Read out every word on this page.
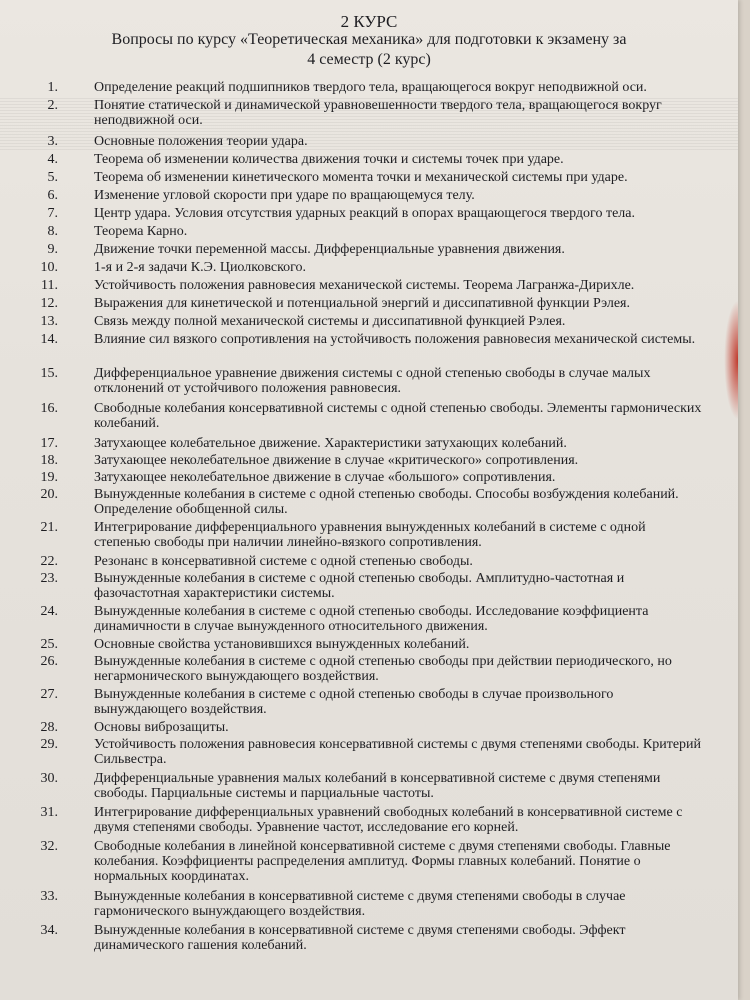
2 КУРС
Вопросы по курсу «Теоретическая механика» для подготовки к экзамену за
4 семестр (2 курс)
1.	Определение реакций подшипников твердого тела, вращающегося вокруг неподвижной оси.
2.	Понятие статической и динамической уравновешенности твердого тела, вращающегося вокруг неподвижной оси.
3.	Основные положения теории удара.
4.	Теорема об изменении количества движения точки и системы точек при ударе.
5.	Теорема об изменении кинетического момента точки и механической системы при ударе.
6.	Изменение угловой скорости при ударе по вращающемуся телу.
7.	Центр удара. Условия отсутствия ударных реакций в опорах вращающегося твердого тела.
8.	Теорема Карно.
9.	Движение точки переменной массы. Дифференциальные уравнения движения.
10.	1-я и 2-я задачи К.Э. Циолковского.
11.	Устойчивость положения равновесия механической системы. Теорема Лагранжа-Дирихле.
12.	Выражения для кинетической и потенциальной энергий и диссипативной функции Рэлея.
13.	Связь между полной механической системы и диссипативной функцией Рэлея.
14.	Влияние сил вязкого сопротивления на устойчивость положения равновесия механической системы.
15.	Дифференциальное уравнение движения системы с одной степенью свободы в случае малых отклонений от устойчивого положения равновесия.
16.	Свободные колебания консервативной системы с одной степенью свободы. Элементы гармонических колебаний.
17.	Затухающее колебательное движение. Характеристики затухающих колебаний.
18.	Затухающее неколебательное движение в случае «критического» сопротивления.
19.	Затухающее неколебательное движение в случае «большого» сопротивления.
20.	Вынужденные колебания в системе с одной степенью свободы. Способы возбуждения колебаний. Определение обобщенной силы.
21.	Интегрирование дифференциального уравнения вынужденных колебаний в системе с одной степенью свободы при наличии линейно-вязкого сопротивления.
22.	Резонанс в консервативной системе с одной степенью свободы.
23.	Вынужденные колебания в системе с одной степенью свободы. Амплитудно-частотная и фазочастотная характеристики системы.
24.	Вынужденные колебания в системе с одной степенью свободы. Исследование коэффициента динамичности в случае вынужденного относительного движения.
25.	Основные свойства установившихся вынужденных колебаний.
26.	Вынужденные колебания в системе с одной степенью свободы при действии периодического, но негармонического вынуждающего воздействия.
27.	Вынужденные колебания в системе с одной степенью свободы в случае произвольного вынуждающего воздействия.
28.	Основы виброзащиты.
29.	Устойчивость положения равновесия консервативной системы с двумя степенями свободы. Критерий Сильвестра.
30.	Дифференциальные уравнения малых колебаний в консервативной системе с двумя степенями свободы. Парциальные системы и парциальные частоты.
31.	Интегрирование дифференциальных уравнений свободных колебаний в консервативной системе с двумя степенями свободы. Уравнение частот, исследование его корней.
32.	Свободные колебания в линейной консервативной системе с двумя степенями свободы. Главные колебания. Коэффициенты распределения амплитуд. Формы главных колебаний. Понятие о нормальных координатах.
33.	Вынужденные колебания в консервативной системе с двумя степенями свободы в случае гармонического вынуждающего воздействия.
34.	Вынужденные колебания в консервативной системе с двумя степенями свободы. Эффект динамического гашения колебаний.
